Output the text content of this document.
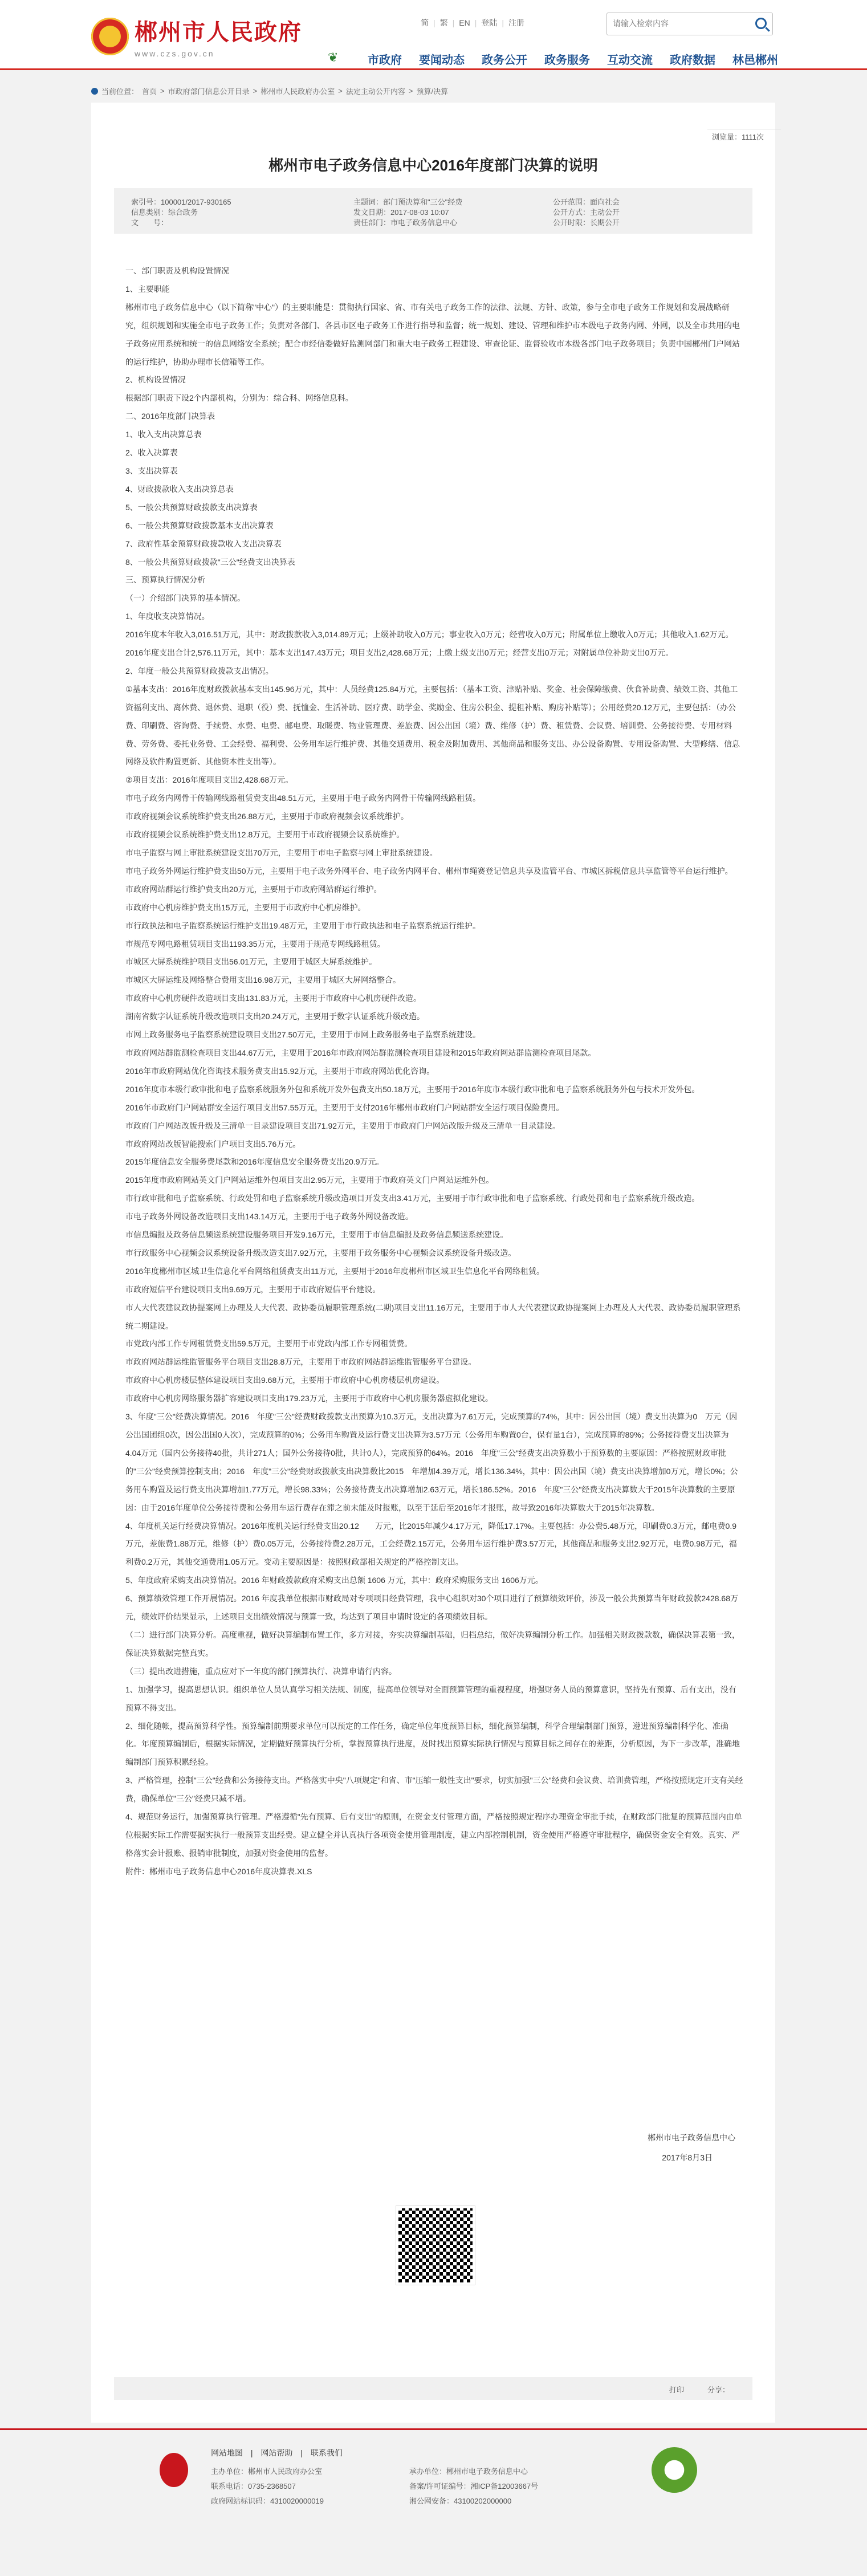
郴州市人民政府
www.czs.gov.cn
简 | 繁 | EN | 登陆 | 注册
请输入检索内容
❦	市政府 要闻动态 政务公开 政务服务 互动交流 政府数据 林邑郴州
当前位置： 首页 > 市政府部门信息公开目录 > 郴州市人民政府办公室 > 法定主动公开内容 > 预算/决算
浏览量：1111次
郴州市电子政务信息中心2016年度部门决算的说明
索引号：100001/2017-930165
信息类别：综合政务
文　　号：
主题词：部门预决算和"三公"经费
发文日期：2017-08-03 10:07
责任部门：市电子政务信息中心
公开范围：面向社会
公开方式：主动公开
公开时限：长期公开

一、部门职责及机构设置情况

1、主要职能

郴州市电子政务信息中心（以下简称"中心"）的主要职能是：贯彻执行国家、省、市有关电子政务工作的法律、法规、方针、政策，参与全市电子政务工作规划和发展战略研究，组织规划和实施全市电子政务工作；负责对各部门、各县市区电子政务工作进行指导和监督；统一规划、建设、管理和维护市本级电子政务内网、外网，以及全市共用的电子政务应用系统和统一的信息网络安全系统；配合市经信委做好监测网部门和重大电子政务工程建设、审查论证、监督验收市本级各部门电子政务项目；负责中国郴州门户网站的运行维护，协助办理市长信箱等工作。

2、机构设置情况

根据部门职责下设2个内部机构，分别为：综合科、网络信息科。

二、2016年度部门决算表

1、收入支出决算总表

2、收入决算表

3、支出决算表

4、财政拨款收入支出决算总表

5、一般公共预算财政拨款支出决算表

6、一般公共预算财政拨款基本支出决算表

7、政府性基金预算财政拨款收入支出决算表

8、一般公共预算财政拨款"三公"经费支出决算表

三、预算执行情况分析

（一）介绍部门决算的基本情况。

1、年度收支决算情况。

2016年度本年收入3,016.51万元，其中：财政拨款收入3,014.89万元；上级补助收入0万元；事业收入0万元；经营收入0万元；附属单位上缴收入0万元；其他收入1.62万元。

2016年度支出合计2,576.11万元，其中：基本支出147.43万元；项目支出2,428.68万元；上缴上级支出0万元；经营支出0万元；对附属单位补助支出0万元。

2、年度一般公共预算财政拨款支出情况。

①基本支出：2016年度财政拨款基本支出145.96万元，其中：人员经费125.84万元，主要包括：（基本工资、津贴补贴、奖金、社会保障缴费、伙食补助费、绩效工资、其他工资福利支出、离休费、退休费、退职（役）费、抚恤金、生活补助、医疗费、助学金、奖励金、住房公积金、提租补贴、购房补贴等）；公用经费20.12万元，主要包括：（办公费、印刷费、咨询费、手续费、水费、电费、邮电费、取暖费、物业管理费、差旅费、因公出国（境）费、维修（护）费、租赁费、会议费、培训费、公务接待费、专用材料费、劳务费、委托业务费、工会经费、福利费、公务用车运行维护费、其他交通费用、税金及附加费用、其他商品和服务支出、办公设备购置、专用设备购置、大型修缮、信息网络及软件购置更新、其他资本性支出等）。

②项目支出：2016年度项目支出2,428.68万元。

市电子政务内网骨干传输网线路租赁费支出48.51万元，主要用于电子政务内网骨干传输网线路租赁。

市政府视频会议系统维护费支出26.88万元，主要用于市政府视频会议系统维护。

市政府视频会议系统维护费支出12.8万元，主要用于市政府视频会议系统维护。

市电子监察与网上审批系统建设支出70万元，主要用于市电子监察与网上审批系统建设。

市电子政务外网运行维护费支出50万元，主要用于电子政务外网平台、电子政务内网平台、郴州市绳赛登记信息共享及监管平台、市城区拆税信息共享监管等平台运行维护。

市政府网站群运行维护费支出20万元，主要用于市政府网站群运行维护。

市政府中心机房维护费支出15万元，主要用于市政府中心机房维护。

市行政执法和电子监察系统运行维护支出19.48万元，主要用于市行政执法和电子监察系统运行维护。

市规范专网电路租赁项目支出1193.35万元，主要用于规范专网线路租赁。

市城区大屏系统维护项目支出56.01万元，主要用于城区大屏系统维护。

市城区大屏运维及网络整合费用支出16.98万元，主要用于城区大屏网络整合。

市政府中心机房硬件改造项目支出131.83万元，主要用于市政府中心机房硬件改造。

湖南省数字认证系统升级改造项目支出20.24万元，主要用于数字认证系统升级改造。

市网上政务服务电子监察系统建设项目支出27.50万元，主要用于市网上政务服务电子监察系统建设。

市政府网站群监测检查项目支出44.67万元，主要用于2016年市政府网站群监测检查项目建设和2015年政府网站群监测检查项目尾款。

2016年市政府网站优化咨询技术服务费支出15.92万元，主要用于市政府网站优化咨询。

2016年度市本级行政审批和电子监察系统服务外包和系统开发外包费支出50.18万元，主要用于2016年度市本级行政审批和电子监察系统服务外包与技术开发外包。

2016年市政府门户网站群安全运行项目支出57.55万元，主要用于支付2016年郴州市政府门户网站群安全运行项目保险费用。

市政府门户网站改版升级及三清单一目录建设项目支出71.92万元，主要用于市政府门户网站改版升级及三清单一目录建设。

市政府网站改版智能搜索门户项目支出5.76万元。

2015年度信息安全服务费尾款和2016年度信息安全服务费支出20.9万元。

2015年度市政府网站英文门户网站运维外包项目支出2.95万元，主要用于市政府英文门户网站运维外包。

市行政审批和电子监察系统、行政处罚和电子监察系统升级改造项目开发支出3.41万元，主要用于市行政审批和电子监察系统、行政处罚和电子监察系统升级改造。

市电子政务外网设备改造项目支出143.14万元，主要用于电子政务外网设备改造。

市信息编报及政务信息频送系统建设服务项目开发9.16万元，主要用于市信息编报及政务信息频送系统建设。

市行政服务中心视频会议系统设备升级改造支出7.92万元，主要用于政务服务中心视频会议系统设备升级改造。

2016年度郴州市区城卫生信息化平台网络租赁费支出11万元，主要用于2016年度郴州市区域卫生信息化平台网络租赁。

市政府短信平台建设项目支出9.69万元，主要用于市政府短信平台建设。

市人大代表建议政协提案网上办理及人大代表、政协委员履职管理系统(二期)项目支出11.16万元，主要用于市人大代表建议政协提案网上办理及人大代表、政协委员履职管理系统二期建设。

市党政内部工作专网租赁费支出59.5万元，主要用于市党政内部工作专网租赁费。

市政府网站群运维监管服务平台项目支出28.8万元，主要用于市政府网站群运维监管服务平台建设。

市政府中心机房楼层整体建设项目支出9.68万元，主要用于市政府中心机房楼层机房建设。

市政府中心机房网络服务器扩容建设项目支出179.23万元，主要用于市政府中心机房服务器虚拟化建设。

3、年度"三公"经费决算情况。2016　年度"三公"经费财政拨款支出预算为10.3万元，支出决算为7.61万元，完成预算的74%，其中：因公出国（境）费支出决算为0　万元（因公出国团组0次，因公出国0人次），完成预算的0%；公务用车购置及运行费支出决算为3.57万元（公务用车购置0台，保有量1台），完成预算的89%；公务接待费支出决算为4.04万元（国内公务接待40批，共计271人；国外公务接待0批，共计0人），完成预算的64%。2016　年度"三公"经费支出决算数小于预算数的主要原因：严格按照财政审批的"三公"经费预算控制支出；2016　年度"三公"经费财政拨款支出决算数比2015　年增加4.39万元，增长136.34%，其中：因公出国（境）费支出决算增加0万元，增长0%；公务用车购置及运行费支出决算增加1.77万元，增长98.33%；公务接待费支出决算增加2.63万元，增长186.52%。2016　年度"三公"经费支出决算数大于2015年决算数的主要原因：由于2016年度单位公务接待费和公务用车运行费存在滞之前未能及时报账，以至于延后至2016年才报账，故导致2016年决算数大于2015年决算数。

4、年度机关运行经费决算情况。2016年度机关运行经费支出20.12　　万元，比2015年减少4.17万元，降低17.17%。主要包括：办公费5.48万元，印刷费0.3万元，邮电费0.9万元，差旅费1.88万元，维修（护）费0.05万元，公务接待费2.28万元，工会经费2.15万元，公务用车运行维护费3.57万元，其他商品和服务支出2.92万元，电费0.98万元，福利费0.2万元，其他交通费用1.05万元。变动主要原因是：按照财政部相关规定的严格控制支出。

5、年度政府采购支出决算情况。2016 年财政拨款政府采购支出总额 1606 万元，其中：政府采购服务支出 1606万元。

6、预算绩效管理工作开展情况。2016 年度我单位根据市财政局对专项项目经费管理，我中心组织对30个项目进行了预算绩效评价，涉及一般公共预算当年财政拨款2428.68万元，绩效评价结果显示，上述项目支出绩效情况与预算一致，均达到了项目申请时设定的各项绩效目标。

（二）进行部门决算分析。高度重视，做好决算编制布置工作，多方对接，夯实决算编制基础，归档总结，做好决算编制分析工作。加强相关财政拨款数，确保决算表第一致，保证决算数据完整真实。

（三）提出改进措施，重点应对下一年度的部门预算执行、决算申请行内容。

1、加强学习，提高思想认识。组织单位人员认真学习相关法规、制度，提高单位领导对全面预算管理的重视程度，增强财务人员的预算意识，坚持先有预算、后有支出，没有预算不得支出。

2、细化随帐，提高预算科学性。预算编制前期要求单位可以预定的工作任务，确定单位年度预算目标，细化预算编制，科学合理编制部门预算，遵进预算编制科学化、准确化。年度预算编制后，根据实际情况，定期做好预算执行分析，掌握预算执行进度，及时找出预算实际执行情况与预算目标之间存在的差距，分析原因，为下一步改革，准确地编制部门预算积累经验。

3、严格管理，控制"三公"经费和公务接待支出。严格落实中央"八项规定"和省、市"压缩一般性支出"要求，切实加强"三公"经费和会议费、培训费管理，严格按照规定开支有关经费，确保单位"三公"经费只减不增。

4、规范财务运行，加强预算执行管理。严格遵循"先有预算、后有支出"的原则，在资金支付管理方面，严格按照规定程序办理资金审批手续，在财政部门批复的预算范围内由单位根据实际工作需要据实执行一般预算支出经费。建立健全并认真执行各项资金使用管理制度，建立内部控制机制，资金使用严格遵守审批程序，确保资金安全有效。真实、严格落实会计报账、报销审批制度，加强对资金使用的监督。

附件：郴州市电子政务信息中心2016年度决算表.XLS

郴州市电子政务信息中心
2017年8月3日
打印	分享：
网站地图 | 网站帮助 | 联系我们
主办单位：郴州市人民政府办公室
联系电话：0735-2368507
政府网站标识码：4310020000019
承办单位：郴州市电子政务信息中心
备案/许可证编号：湘ICP备12003667号
湘公网安备：43100202000000
